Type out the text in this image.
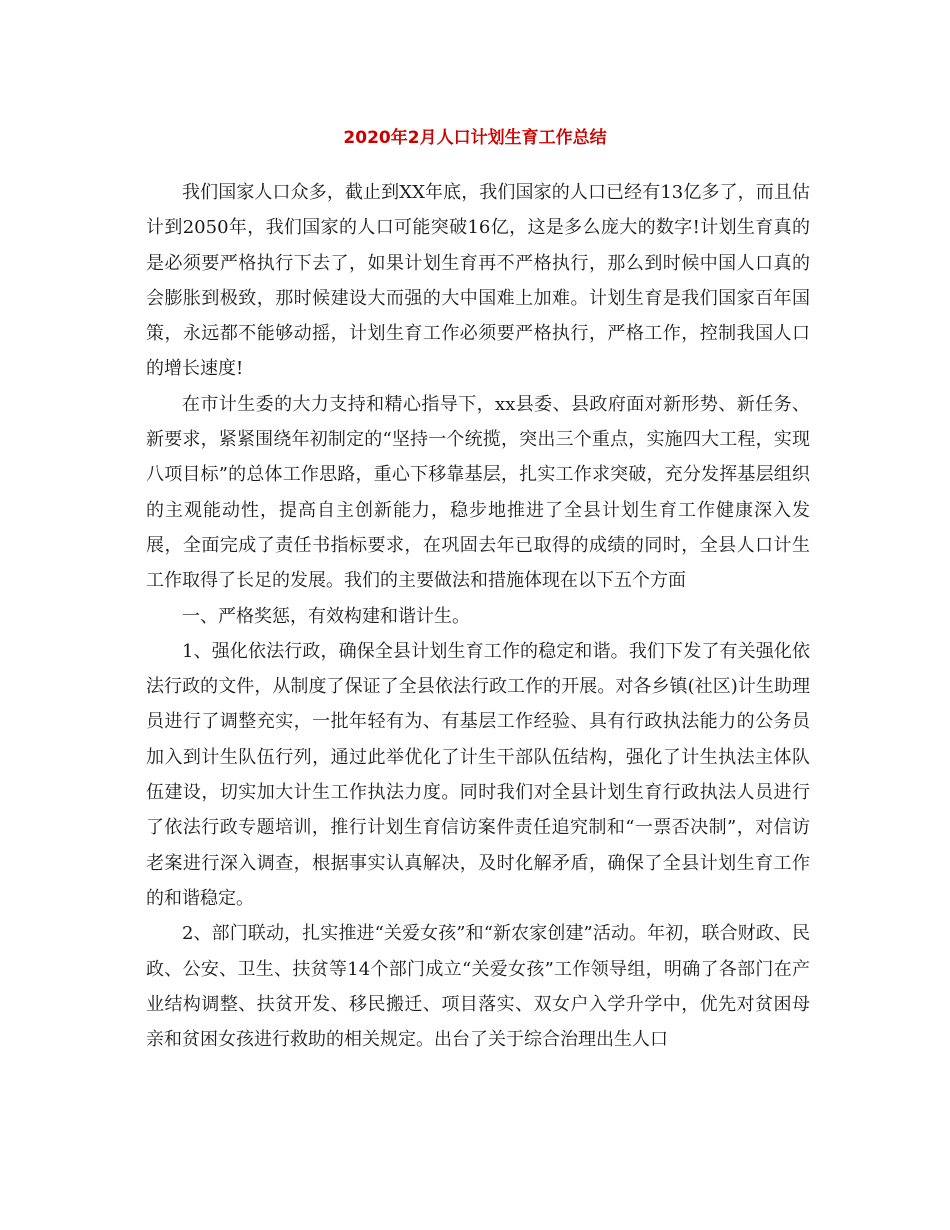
2020年2月人口计划生育工作总结

我们国家人口众多，截止到XX年底，我们国家的人口已经有13亿多了，而且估计到2050年，我们国家的人口可能突破16亿，这是多么庞大的数字!计划生育真的是必须要严格执行下去了，如果计划生育再不严格执行，那么到时候中国人口真的会膨胀到极致，那时候建设大而强的大中国难上加难。计划生育是我们国家百年国策，永远都不能够动摇，计划生育工作必须要严格执行，严格工作，控制我国人口的增长速度!

在市计生委的大力支持和精心指导下，xx县委、县政府面对新形势、新任务、新要求，紧紧围绕年初制定的“坚持一个统揽，突出三个重点，实施四大工程，实现八项目标”的总体工作思路，重心下移靠基层，扎实工作求突破，充分发挥基层组织的主观能动性，提高自主创新能力，稳步地推进了全县计划生育工作健康深入发展，全面完成了责任书指标要求，在巩固去年已取得的成绩的同时，全县人口计生工作取得了长足的发展。我们的主要做法和措施体现在以下五个方面

一、严格奖惩，有效构建和谐计生。

1、强化依法行政，确保全县计划生育工作的稳定和谐。我们下发了有关强化依法行政的文件，从制度了保证了全县依法行政工作的开展。对各乡镇(社区)计生助理员进行了调整充实，一批年轻有为、有基层工作经验、具有行政执法能力的公务员加入到计生队伍行列，通过此举优化了计生干部队伍结构，强化了计生执法主体队伍建设，切实加大计生工作执法力度。同时我们对全县计划生育行政执法人员进行了依法行政专题培训，推行计划生育信访案件责任追究制和“一票否决制”，对信访老案进行深入调查，根据事实认真解决，及时化解矛盾，确保了全县计划生育工作的和谐稳定。

2、部门联动，扎实推进“关爱女孩”和“新农家创建”活动。年初，联合财政、民政、公安、卫生、扶贫等14个部门成立“关爱女孩”工作领导组，明确了各部门在产业结构调整、扶贫开发、移民搬迁、项目落实、双女户入学升学中，优先对贫困母亲和贫困女孩进行救助的相关规定。出台了关于综合治理出生人口
